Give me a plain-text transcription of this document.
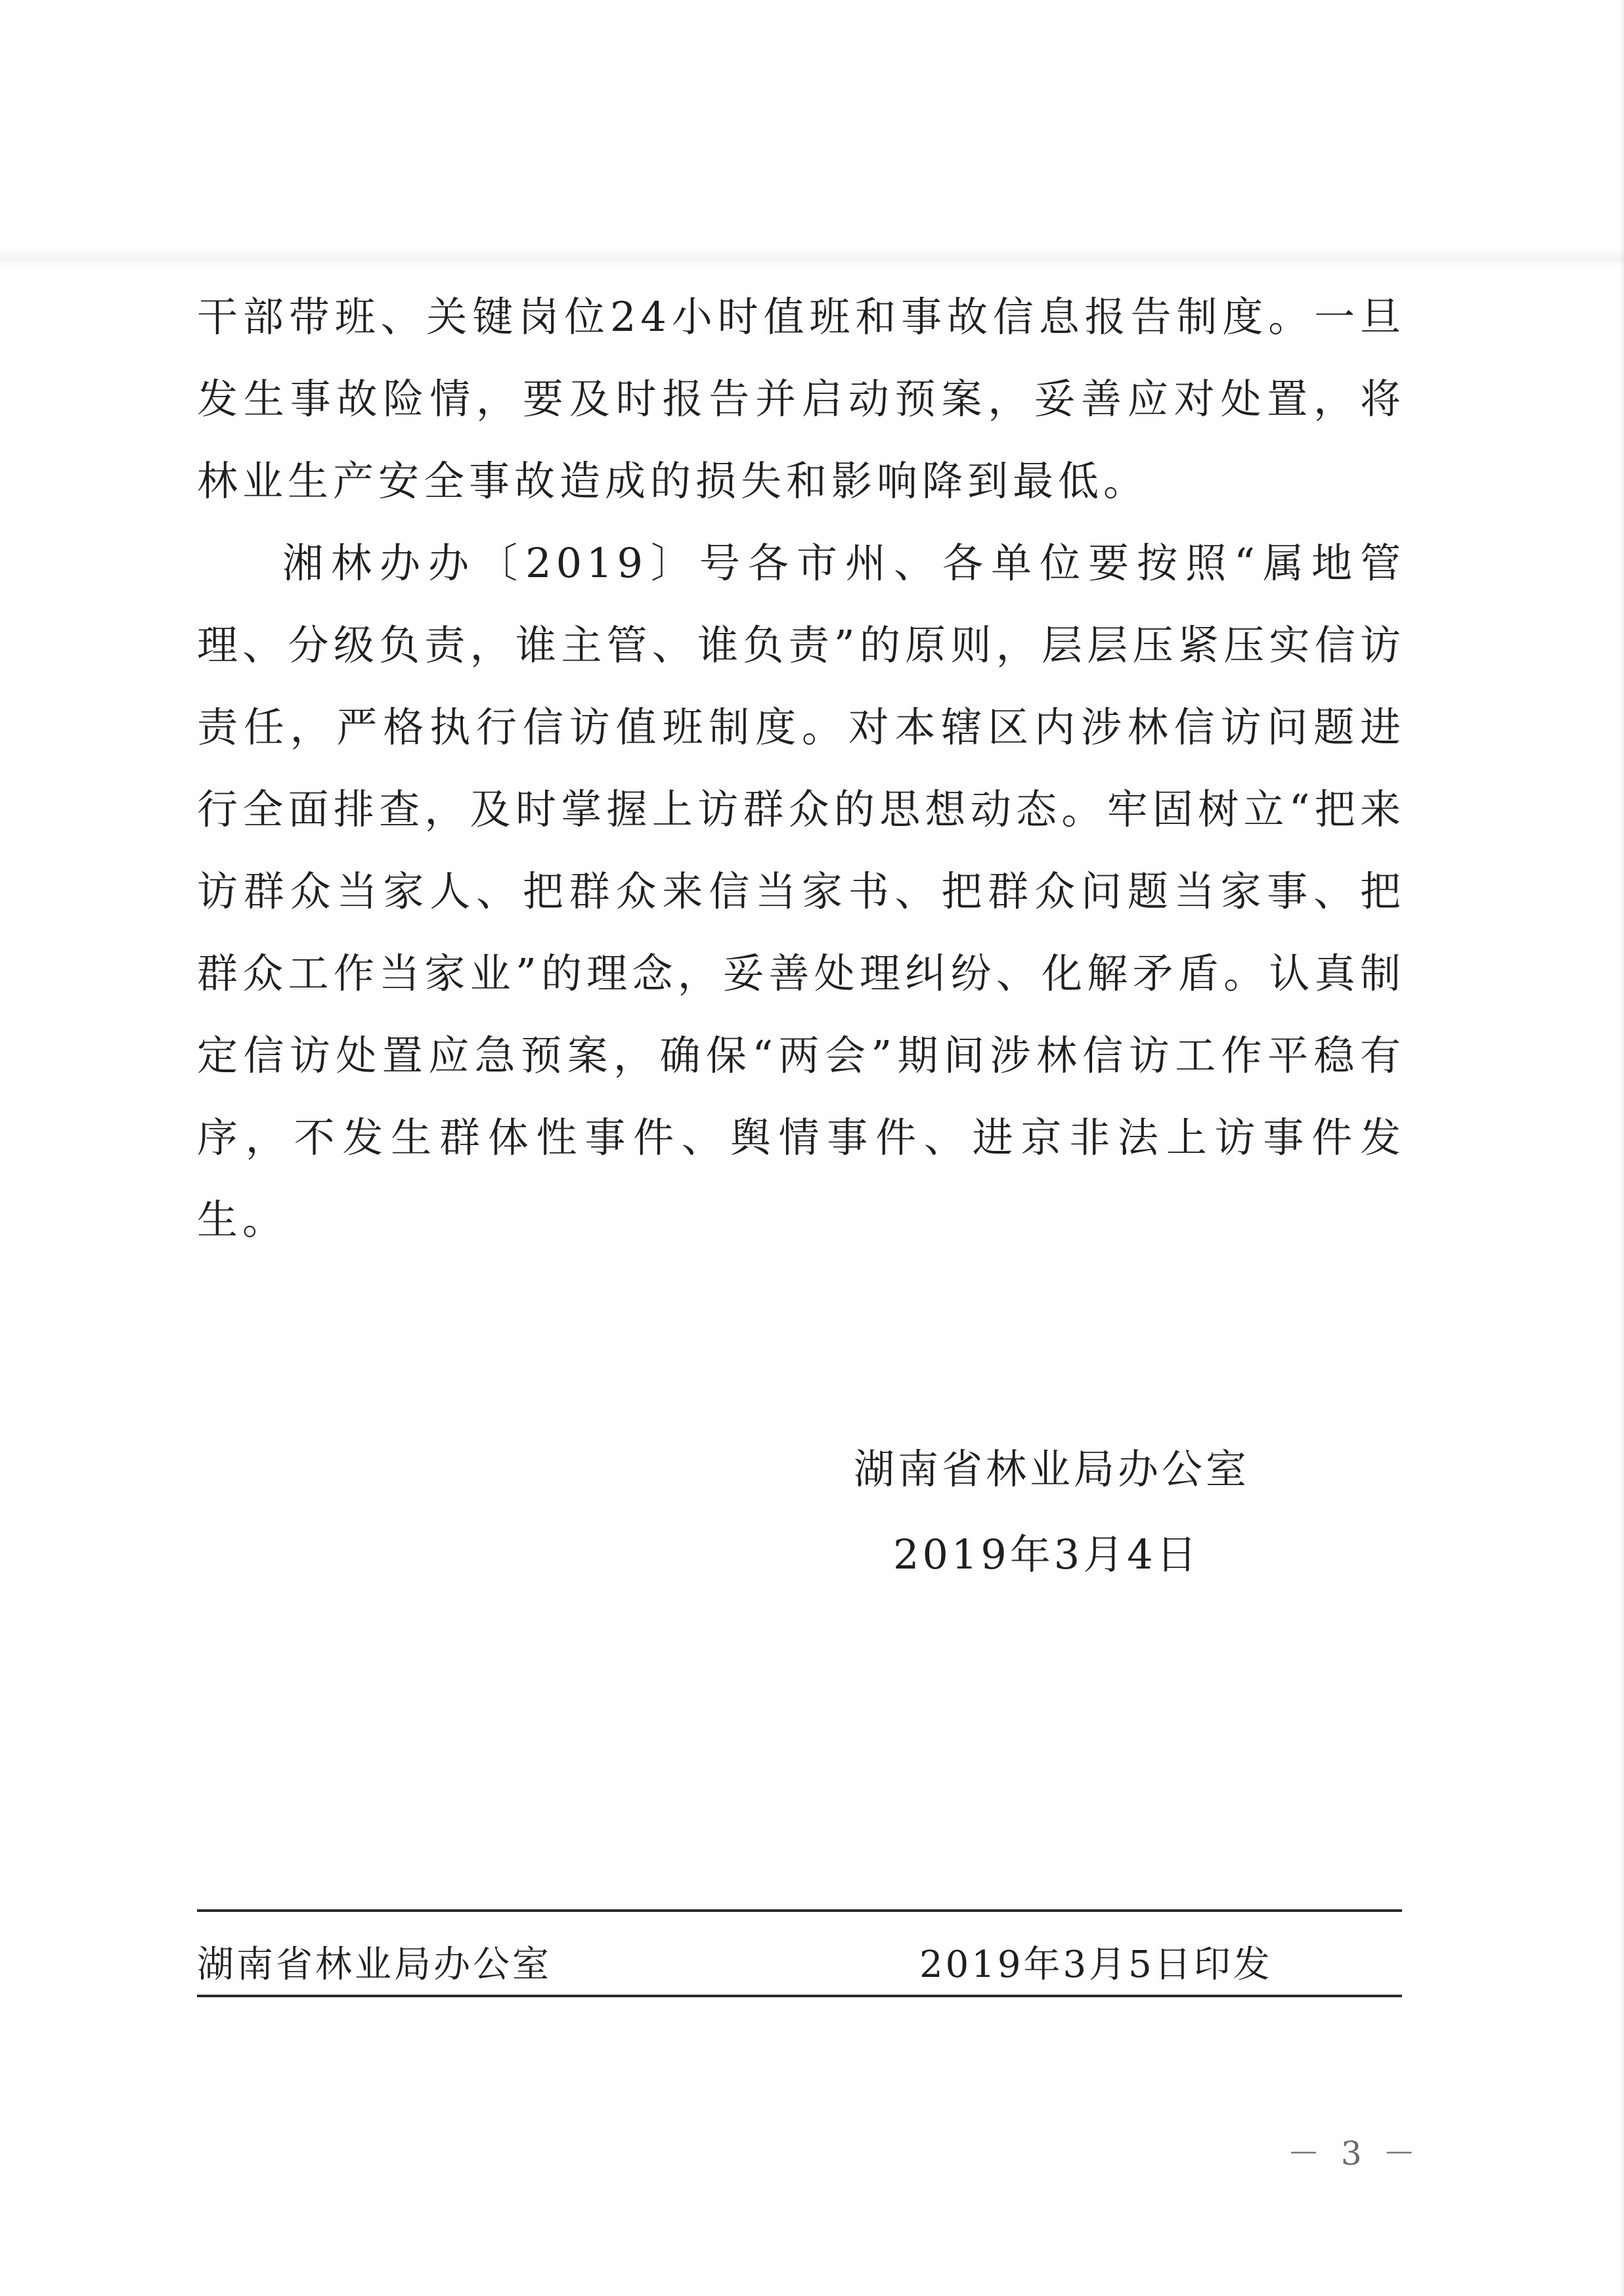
干部带班、关键岗位24小时值班和事故信息报告制度。一旦发生事故险情，要及时报告并启动预案，妥善应对处置，将林业生产安全事故造成的损失和影响降到最低。

湘林办办〔2019〕号各市州、各单位要按照“属地管理、分级负责，谁主管、谁负责”的原则，层层压紧压实信访责任，严格执行信访值班制度。对本辖区内涉林信访问题进行全面排查，及时掌握上访群众的思想动态。牢固树立“把来访群众当家人、把群众来信当家书、把群众问题当家事、把群众工作当家业”的理念，妥善处理纠纷、化解矛盾。认真制定信访处置应急预案，确保“两会”期间涉林信访工作平稳有序，不发生群体性事件、舆情事件、进京非法上访事件发生。

湖南省林业局办公室
2019年3月4日
湖南省林业局办公室	2019年3月5日印发
－ 3 －
